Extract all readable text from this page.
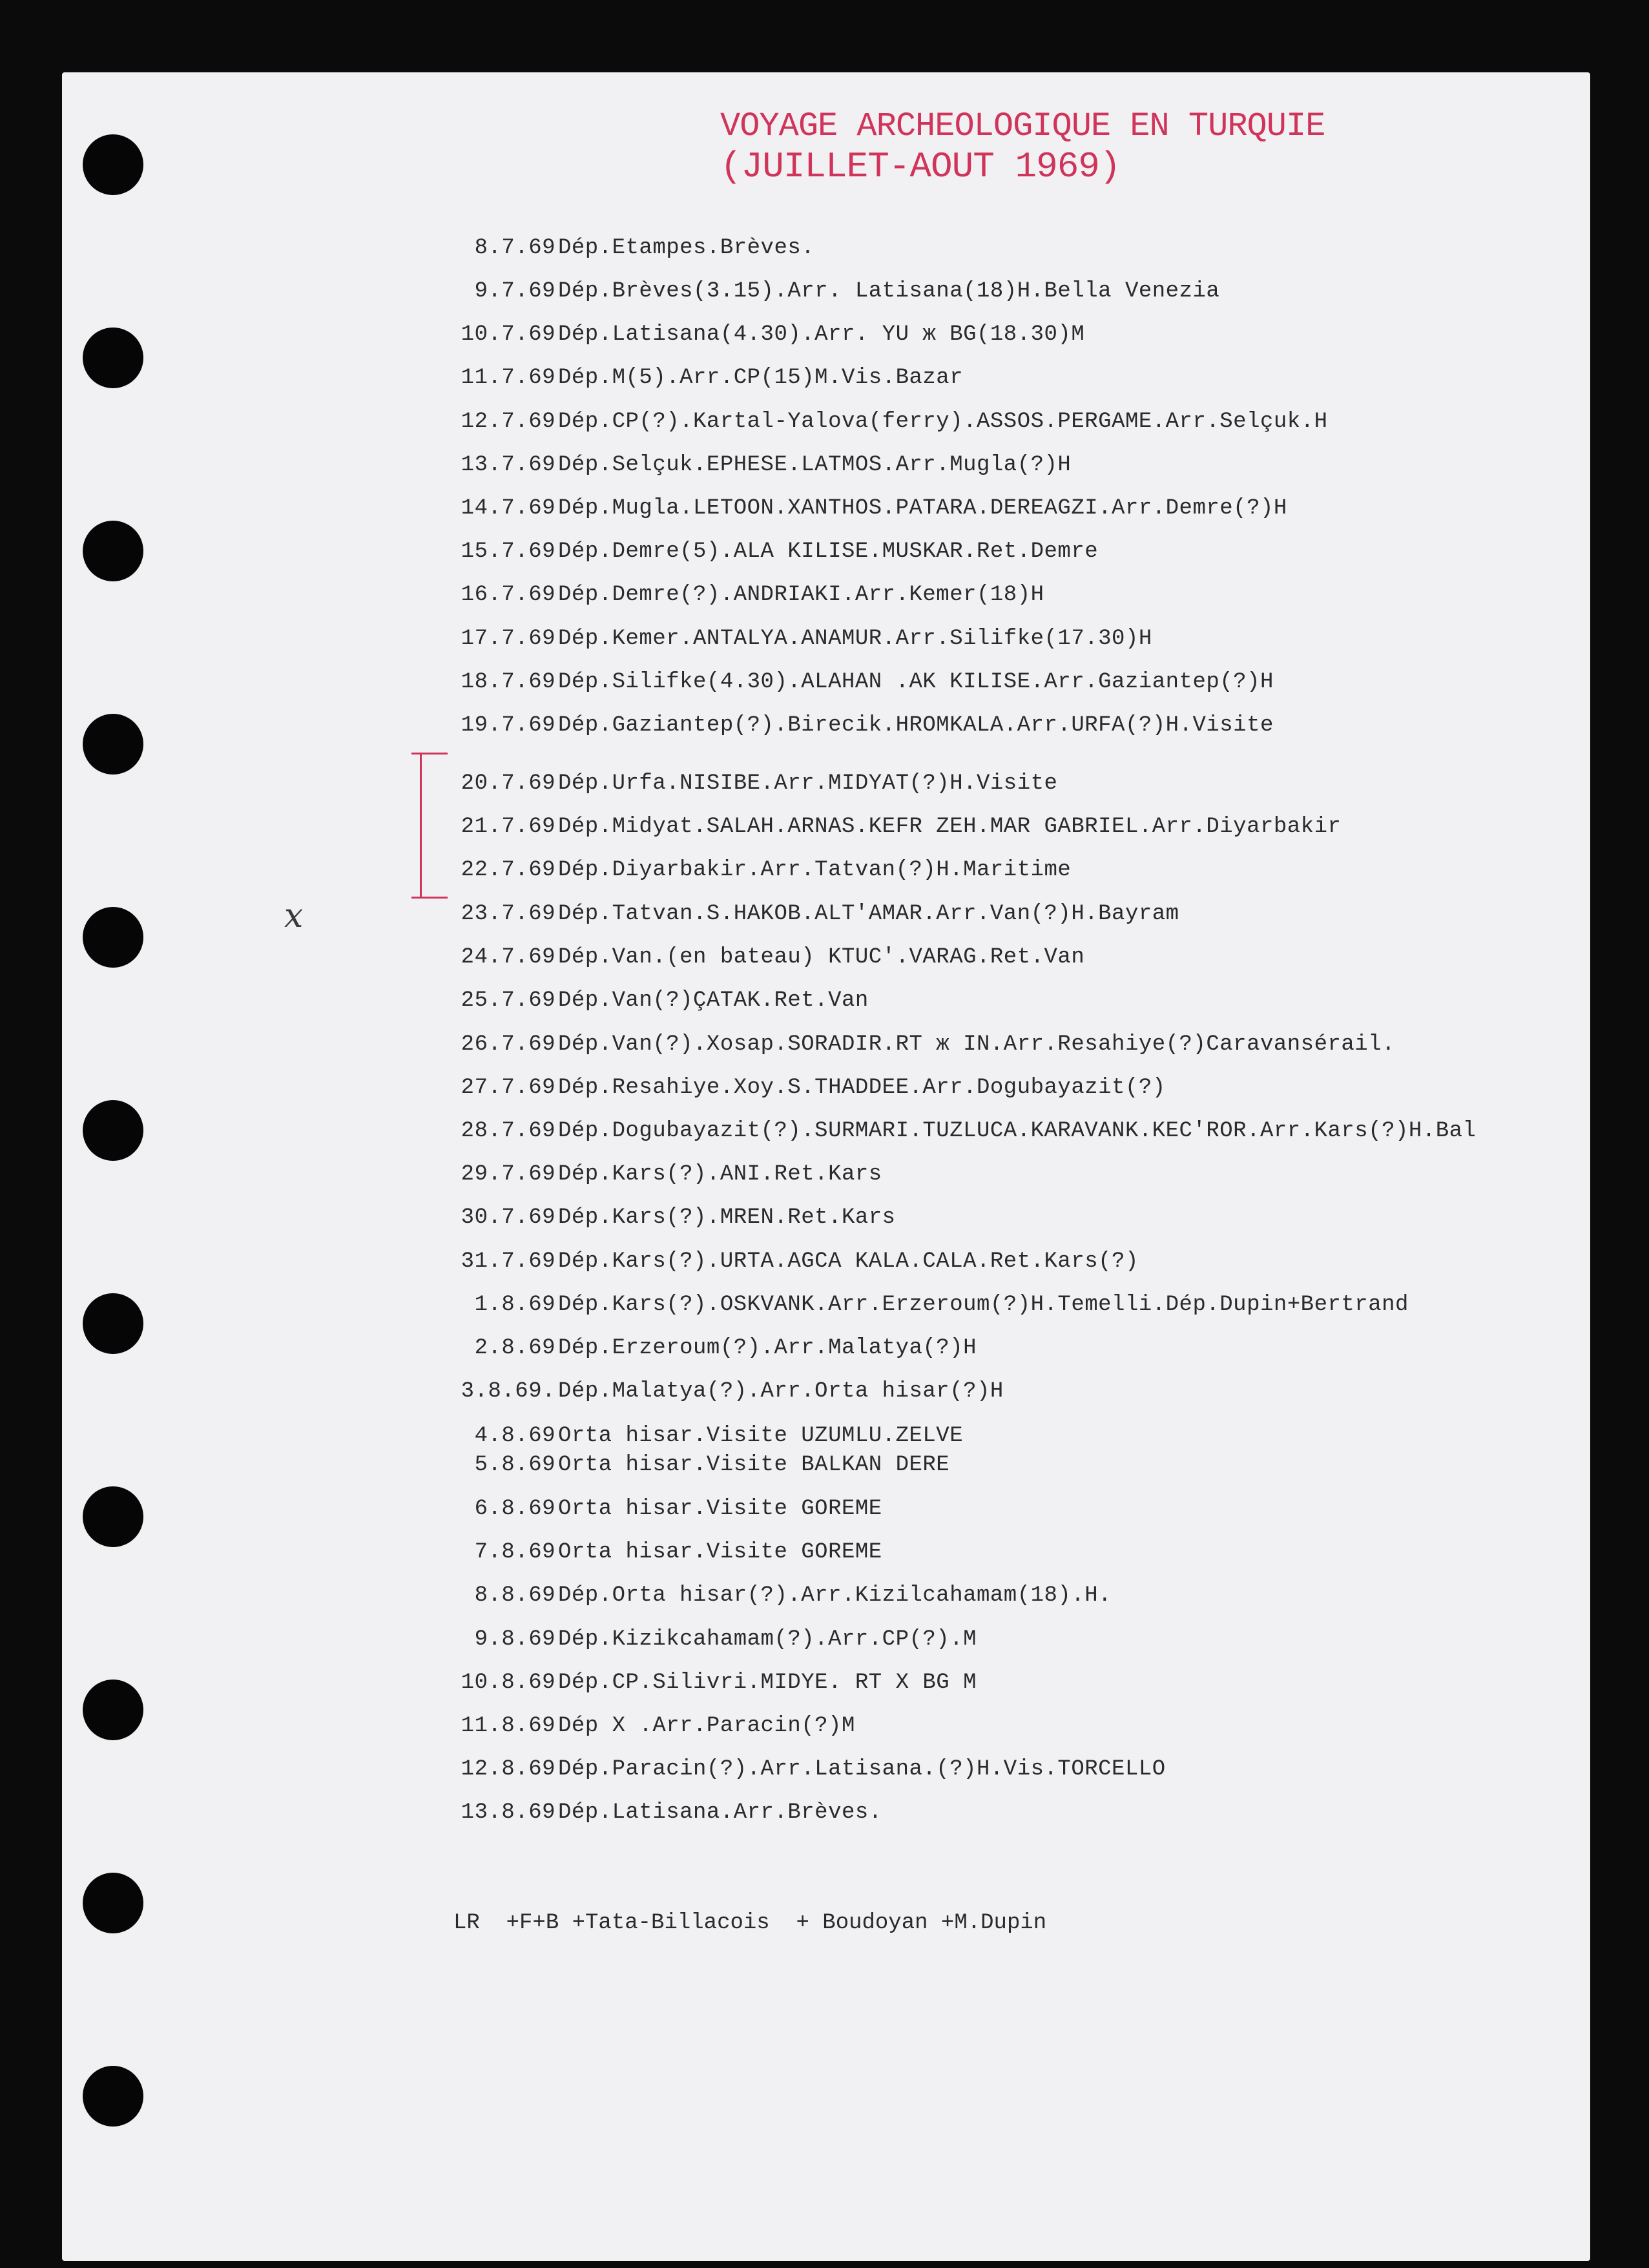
VOYAGE ARCHEOLOGIQUE EN TURQUIE
(JUILLET-AOUT 1969)
x
8.7.69 Dép.Etampes.Brèves.
9.7.69 Dép.Brèves(3.15).Arr. Latisana(18)H.Bella Venezia
10.7.69 Dép.Latisana(4.30).Arr. YU ж BG(18.30)M
11.7.69 Dép.M(5).Arr.CP(15)M.Vis.Bazar
12.7.69 Dép.CP(?).Kartal-Yalova(ferry).ASSOS.PERGAME.Arr.Selçuk.H
13.7.69 Dép.Selçuk.EPHESE.LATMOS.Arr.Mugla(?)H
14.7.69 Dép.Mugla.LETOON.XANTHOS.PATARA.DEREAGZI.Arr.Demre(?)H
15.7.69 Dép.Demre(5).ALA KILISE.MUSKAR.Ret.Demre
16.7.69 Dép.Demre(?).ANDRIAKI.Arr.Kemer(18)H
17.7.69 Dép.Kemer.ANTALYA.ANAMUR.Arr.Silifke(17.30)H
18.7.69 Dép.Silifke(4.30).ALAHAN .AK KILISE.Arr.Gaziantep(?)H
19.7.69 Dép.Gaziantep(?).Birecik.HROMKALA.Arr.URFA(?)H.Visite
20.7.69 Dép.Urfa.NISIBE.Arr.MIDYAT(?)H.Visite
21.7.69 Dép.Midyat.SALAH.ARNAS.KEFR ZEH.MAR GABRIEL.Arr.Diyarbakir
22.7.69 Dép.Diyarbakir.Arr.Tatvan(?)H.Maritime
23.7.69 Dép.Tatvan.S.HAKOB.ALT'AMAR.Arr.Van(?)H.Bayram
24.7.69 Dép.Van.(en bateau) KTUC'.VARAG.Ret.Van
25.7.69 Dép.Van(?)ÇATAK.Ret.Van
26.7.69 Dép.Van(?).Xosap.SORADIR.RT ж IN.Arr.Resahiye(?)Caravansérail.
27.7.69 Dép.Resahiye.Xoy.S.THADDEE.Arr.Dogubayazit(?)
28.7.69 Dép.Dogubayazit(?).SURMARI.TUZLUCA.KARAVANK.KEC'ROR.Arr.Kars(?)H.Bal
29.7.69 Dép.Kars(?).ANI.Ret.Kars
30.7.69 Dép.Kars(?).MREN.Ret.Kars
31.7.69 Dép.Kars(?).URTA.AGCA KALA.CALA.Ret.Kars(?)
1.8.69 Dép.Kars(?).OSKVANK.Arr.Erzeroum(?)H.Temelli.Dép.Dupin+Bertrand
2.8.69 Dép.Erzeroum(?).Arr.Malatya(?)H
3.8.69. Dép.Malatya(?).Arr.Orta hisar(?)H
4.8.69 Orta hisar.Visite UZUMLU.ZELVE
5.8.69 Orta hisar.Visite BALKAN DERE
6.8.69 Orta hisar.Visite GOREME
7.8.69 Orta hisar.Visite GOREME
8.8.69 Dép.Orta hisar(?).Arr.Kizilcahamam(18).H.
9.8.69 Dép.Kizikcahamam(?).Arr.CP(?).M
10.8.69 Dép.CP.Silivri.MIDYE. RT X BG M
11.8.69 Dép X .Arr.Paracin(?)M
12.8.69 Dép.Paracin(?).Arr.Latisana.(?)H.Vis.TORCELLO
13.8.69 Dép.Latisana.Arr.Brèves.
LR  +F+B +Tata-Billacois  + Boudoyan +M.Dupin
